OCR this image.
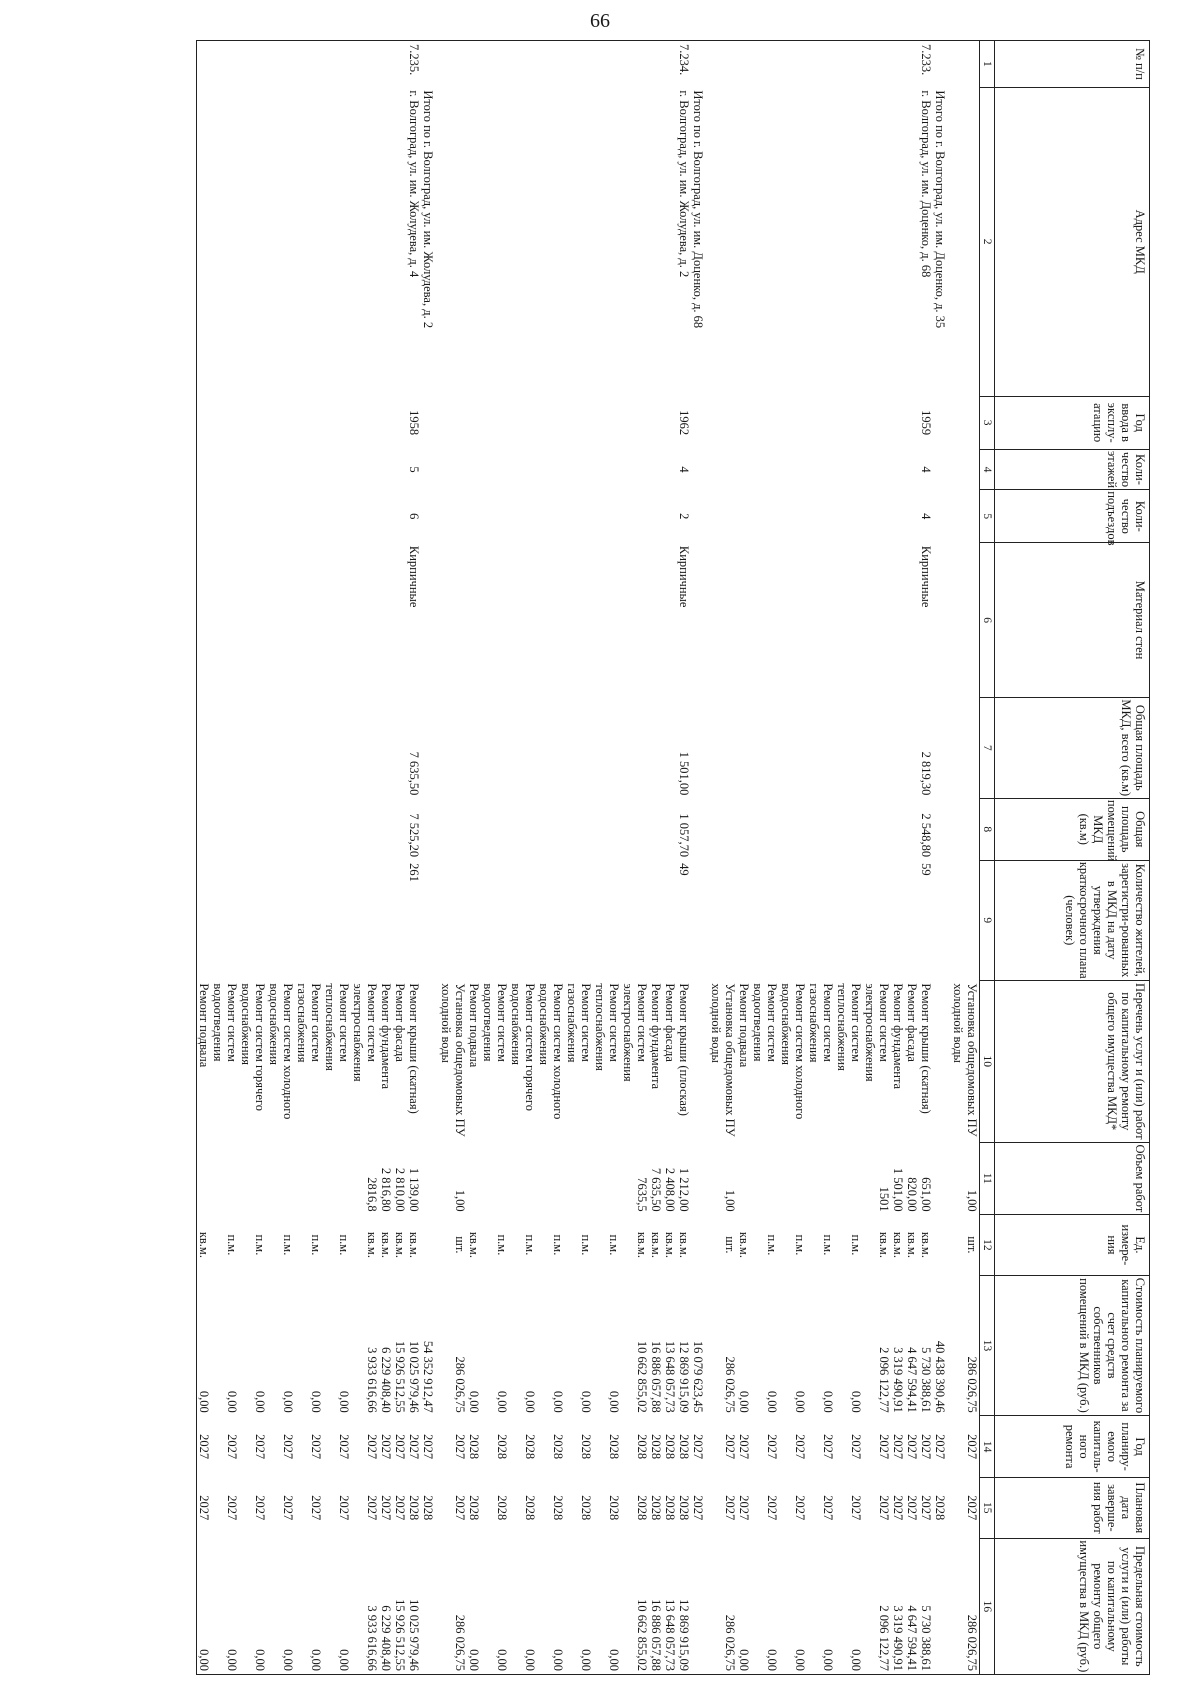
66
№ п/п	Адрес МКД	Год ввода в эксплу-атацию	Коли-чество этажей	Коли-чество подъездов	Материал стен	Общая площадь МКД, всего (кв.м)	Общая площадь помещений МКД (кв.м)	Количество жителей, зарегистри-рованных в МКД на дату утверждения краткосрочного плана (человек)	Перечень услуг и (или) работ по капитальному ремонту общего имущества МКД*	Объем работ	Ед. измере-ния	Стоимость планируемого капитального ремонта за счет средств собственников помещений в МКД (руб.)	Год планиру-емого капиталь-ного ремонта	Плановая дата заверше-ния работ	Предельная стоимость услуги и (или) работы по капитальному ремонту общего имущества в МКД (руб.)
1	2	3	4	5	6	7	8	9	10	11	12	13	14	15	16
									Установка общедомовых ПУ холодной воды	1,00	шт.	286 026,75	2027	2027	286 026,75
	Итого по г. Волгоград, ул. им. Доценко, д. 35											40 438 390,46	2027	2028	
7.233.	г. Волгоград, ул. им. Доценко, д. 68	1959	4	4	Кирпичные	2 819,30	2 548,80	59	Ремонт крыши (скатная)	651,00	кв.м.	5 730 388,61	2027	2027	5 730 388,61
									Ремонт фасада	820,00	кв.м.	4 647 594,41	2027	2027	4 647 594,41
									Ремонт фундамента	1 501,00	кв.м.	3 319 490,91	2027	2027	3 319 490,91
									Ремонт систем электроснабжения	1501	кв.м.	2 096 122,77	2027	2027	2 096 122,77
									Ремонт систем теплоснабжения		п.м.	0,00	2027	2027	0,00
									Ремонт систем газоснабжения		п.м.	0,00	2027	2027	0,00
									Ремонт систем холодного водоснабжения		п.м.	0,00	2027	2027	0,00
									Ремонт систем водоотведения		п.м.	0,00	2027	2027	0,00
									Ремонт подвала		кв.м.	0,00	2027	2027	0,00
									Установка общедомовых ПУ холодной воды	1,00	шт.	286 026,75	2027	2027	286 026,75
	Итого по г. Волгоград, ул. им. Доценко, д. 68											16 079 623,45	2027	2027	
7.234.	г. Волгоград, ул. им. Жолудева, д. 2	1962	4	2	Кирпичные	1 501,00	1 057,70	49	Ремонт крыши (плоская)	1 212,00	кв.м.	12 869 915,09	2028	2028	12 869 915,09
									Ремонт фасада	2 408,00	кв.м.	13 648 057,73	2028	2028	13 648 057,73
									Ремонт фундамента	7 635,50	кв.м.	16 886 057,88	2028	2028	16 886 057,88
									Ремонт систем электроснабжения	7635,5	кв.м.	10 662 855,02	2028	2028	10 662 855,02
									Ремонт систем теплоснабжения		п.м.	0,00	2028	2028	0,00
									Ремонт систем газоснабжения		п.м.	0,00	2028	2028	0,00
									Ремонт систем холодного водоснабжения		п.м.	0,00	2028	2028	0,00
									Ремонт систем горячего водоснабжения		п.м.	0,00	2028	2028	0,00
									Ремонт систем водоотведения		п.м.	0,00	2028	2028	0,00
									Ремонт подвала		кв.м.	0,00	2028	2028	0,00
									Установка общедомовых ПУ холодной воды	1,00	шт.	286 026,75	2027	2027	286 026,75
	Итого по г. Волгоград, ул. им. Жолудева, д. 2											54 352 912,47	2027	2028	
7.235.	г. Волгоград, ул. им. Жолудева, д. 4	1958	5	6	Кирпичные	7 635,50	7 525,20	261	Ремонт крыши (скатная)	1 139,00	кв.м.	10 025 979,46	2027	2028	10 025 979,46
									Ремонт фасада	2 810,00	кв.м.	15 926 512,55	2027	2027	15 926 512,55
									Ремонт фундамента	2 816,80	кв.м.	6 229 408,40	2027	2027	6 229 408,40
									Ремонт систем электроснабжения	2816,8	кв.м.	3 933 616,66	2027	2027	3 933 616,66
									Ремонт систем теплоснабжения		п.м.	0,00	2027	2027	0,00
									Ремонт систем газоснабжения		п.м.	0,00	2027	2027	0,00
									Ремонт систем холодного водоснабжения		п.м.	0,00	2027	2027	0,00
									Ремонт систем горячего водоснабжения		п.м.	0,00	2027	2027	0,00
									Ремонт систем водоотведения		п.м.	0,00	2027	2027	0,00
									Ремонт подвала		кв.м.	0,00	2027	2027	0,00
